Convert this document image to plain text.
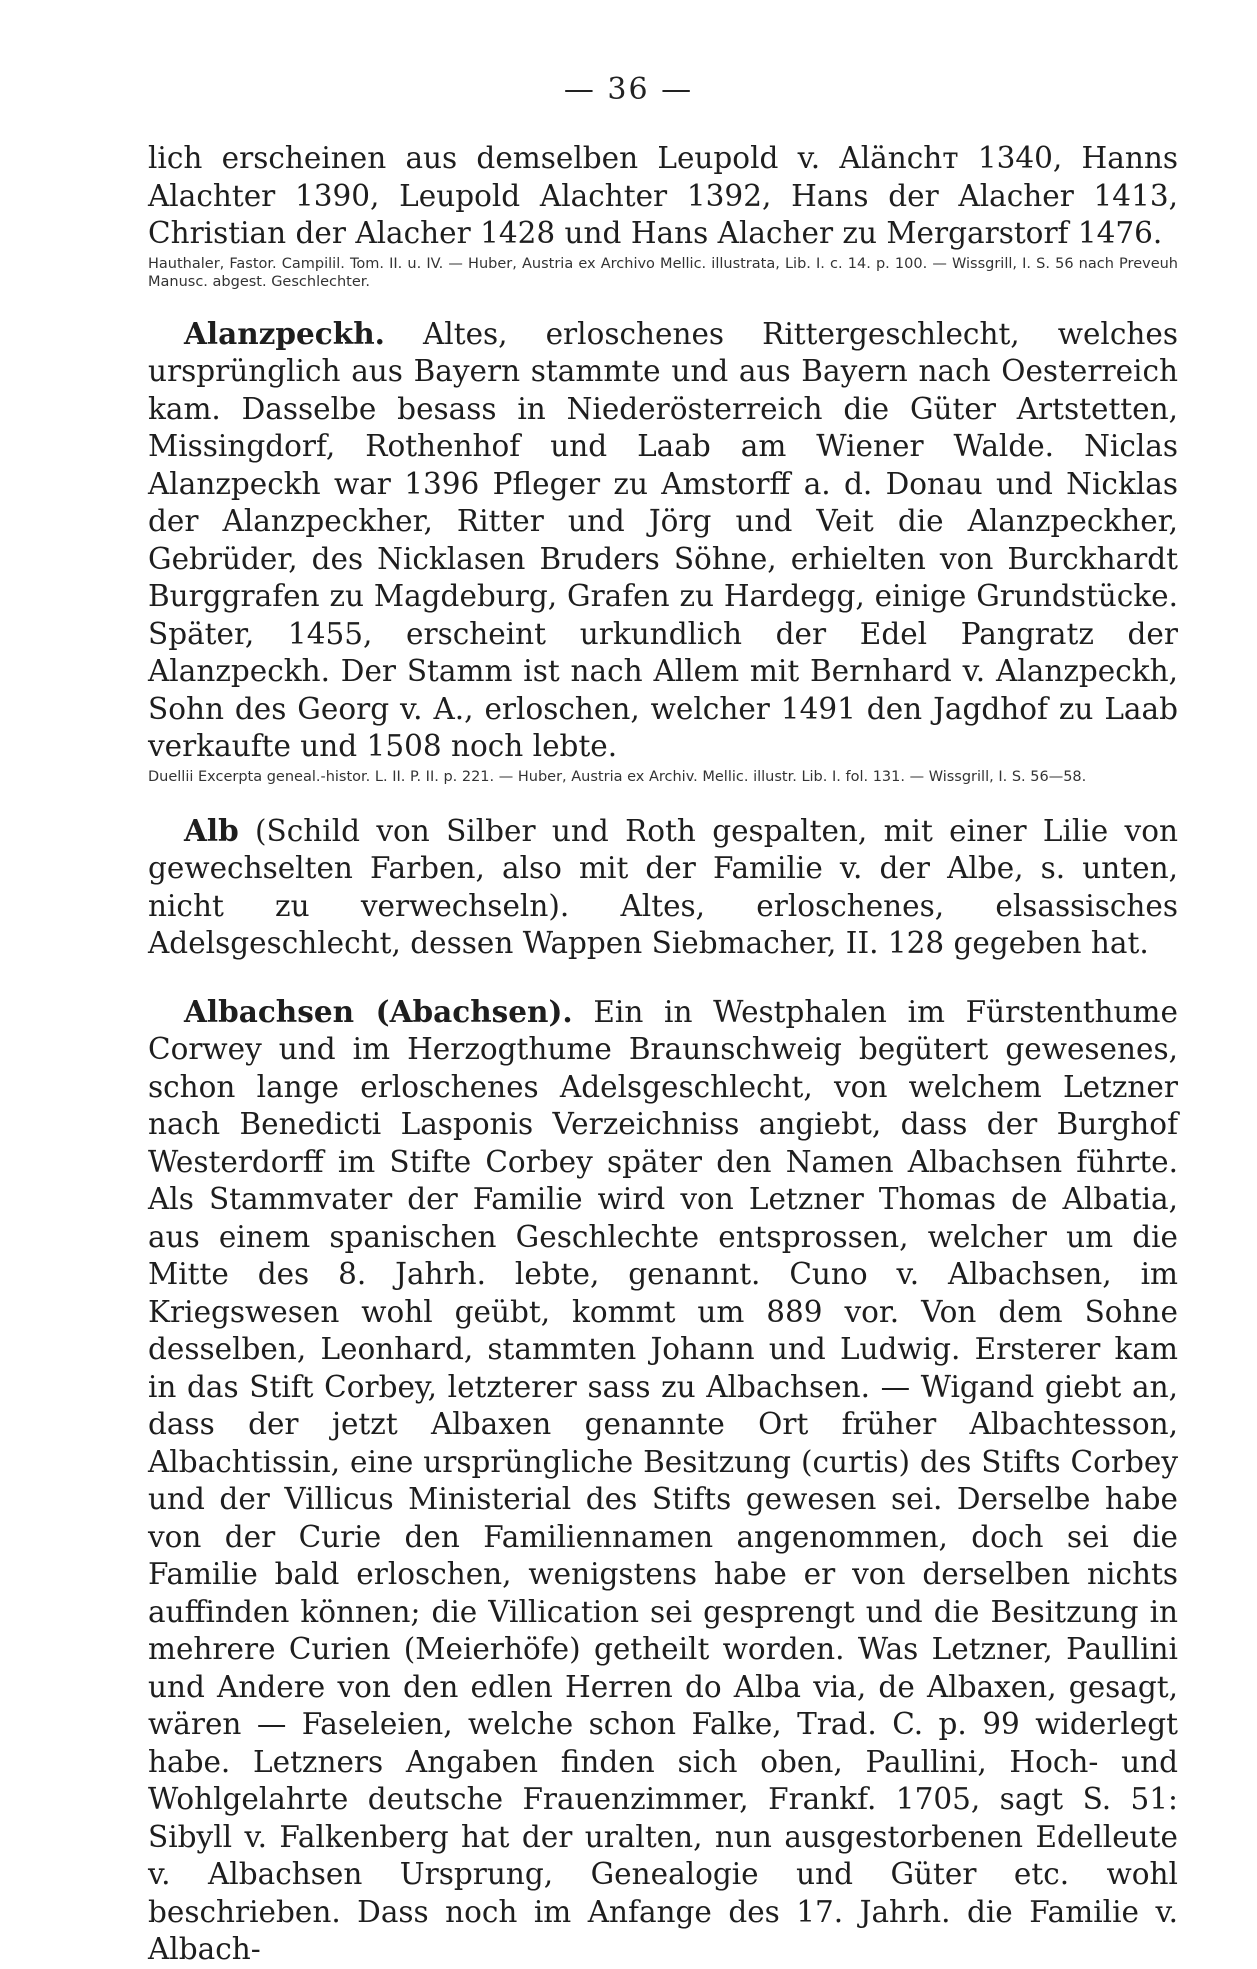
— 36 —

lich erscheinen aus demselben Leupold v. Alänchт 1340, Hanns Alachter 1390, Leupold Alachter 1392, Hans der Alacher 1413, Christian der Alacher 1428 und Hans Alacher zu Mergarstorf 1476.

Hauthaler, Fastor. Campilil. Tom. II. u. IV. — Huber, Austria ex Archivo Mellic. illustrata, Lib. I. c. 14. p. 100. — Wissgrill, I. S. 56 nach Preveuh Manusc. abgest. Geschlechter.

Alanzpeckh. Altes, erloschenes Rittergeschlecht, welches ursprünglich aus Bayern stammte und aus Bayern nach Oesterreich kam. Dasselbe besass in Niederösterreich die Güter Artstetten, Missingdorf, Rothenhof und Laab am Wiener Walde. Niclas Alanzpeckh war 1396 Pfleger zu Amstorff a. d. Donau und Nicklas der Alanzpeckher, Ritter und Jörg und Veit die Alanzpeckher, Gebrüder, des Nicklasen Bruders Söhne, erhielten von Burckhardt Burggrafen zu Magdeburg, Grafen zu Hardegg, einige Grundstücke. Später, 1455, erscheint urkundlich der Edel Pangratz der Alanzpeckh. Der Stamm ist nach Allem mit Bernhard v. Alanzpeckh, Sohn des Georg v. A., erloschen, welcher 1491 den Jagdhof zu Laab verkaufte und 1508 noch lebte.

Duellii Excerpta geneal.-histor. L. II. P. II. p. 221. — Huber, Austria ex Archiv. Mellic. illustr. Lib. I. fol. 131. — Wissgrill, I. S. 56—58.

Alb (Schild von Silber und Roth gespalten, mit einer Lilie von gewechselten Farben, also mit der Familie v. der Albe, s. unten, nicht zu verwechseln). Altes, erloschenes, elsassisches Adelsgeschlecht, dessen Wappen Siebmacher, II. 128 gegeben hat.

Albachsen (Abachsen). Ein in Westphalen im Fürstenthume Corwey und im Herzogthume Braunschweig begütert gewesenes, schon lange erloschenes Adelsgeschlecht, von welchem Letzner nach Benedicti Lasponis Verzeichniss angiebt, dass der Burghof Westerdorff im Stifte Corbey später den Namen Albachsen führte. Als Stammvater der Familie wird von Letzner Thomas de Albatia, aus einem spanischen Geschlechte entsprossen, welcher um die Mitte des 8. Jahrh. lebte, genannt. Cuno v. Albachsen, im Kriegswesen wohl geübt, kommt um 889 vor. Von dem Sohne desselben, Leonhard, stammten Johann und Ludwig. Ersterer kam in das Stift Corbey, letzterer sass zu Albachsen. — Wigand giebt an, dass der jetzt Albaxen genannte Ort früher Albachtesson, Albachtissin, eine ursprüngliche Besitzung (curtis) des Stifts Corbey und der Villicus Ministerial des Stifts gewesen sei. Derselbe habe von der Curie den Familiennamen angenommen, doch sei die Familie bald erloschen, wenigstens habe er von derselben nichts auffinden können; die Villication sei gesprengt und die Besitzung in mehrere Curien (Meierhöfe) getheilt worden. Was Letzner, Paullini und Andere von den edlen Herren do Alba via, de Albaxen, gesagt, wären — Faseleien, welche schon Falke, Trad. C. p. 99 widerlegt habe. Letzners Angaben finden sich oben, Paullini, Hoch- und Wohlgelahrte deutsche Frauenzimmer, Frankf. 1705, sagt S. 51: Sibyll v. Falkenberg hat der uralten, nun ausgestorbenen Edelleute v. Albachsen Ursprung, Genealogie und Güter etc. wohl beschrieben. Dass noch im Anfange des 17. Jahrh. die Familie v. Albach-
